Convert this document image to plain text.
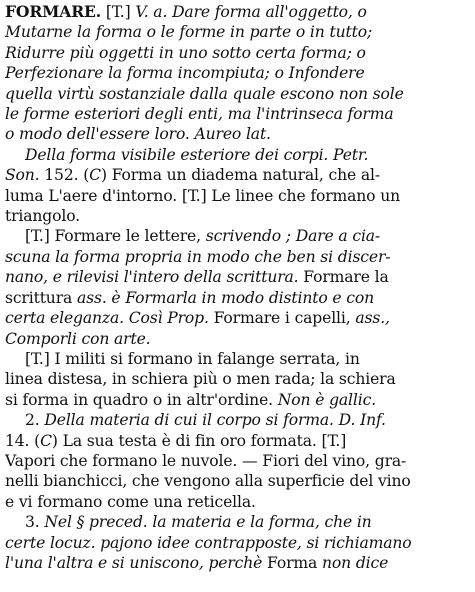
FORMARE. [T.] V. a. Dare forma all'oggetto, o
Mutarne la forma o le forme in parte o in tutto;
Ridurre più oggetti in uno sotto certa forma; o
Perfezionare la forma incompiuta; o Infondere
quella virtù sostanziale dalla quale escono non sole
le forme esteriori degli enti, ma l'intrinseca forma
o modo dell'essere loro. Aureo lat.
Della forma visibile esteriore dei corpi. Petr.
Son. 152. (C) Forma un diadema natural, che al-
luma L'aere d'intorno. [T.] Le linee che formano un
triangolo.
[T.] Formare le lettere, scrivendo ; Dare a cia-
scuna la forma propria in modo che ben si discer-
nano, e rilevisi l'intero della scrittura. Formare la
scrittura ass. è Formarla in modo distinto e con
certa eleganza. Così Prop. Formare i capelli, ass.,
Comporli con arte.
[T.] I militi si formano in falange serrata, in
linea distesa, in schiera più o men rada; la schiera
si forma in quadro o in altr'ordine. Non è gallic.
2. Della materia di cui il corpo si forma. D. Inf.
14. (C) La sua testa è di fin oro formata. [T.]
Vapori che formano le nuvole. — Fiori del vino, gra-
nelli bianchicci, che vengono alla superficie del vino
e vi formano come una reticella.
3. Nel § preced. la materia e la forma, che in
certe locuz. pajono idee contrapposte, si richiamano
l'una l'altra e si uniscono, perchè Forma non dice
